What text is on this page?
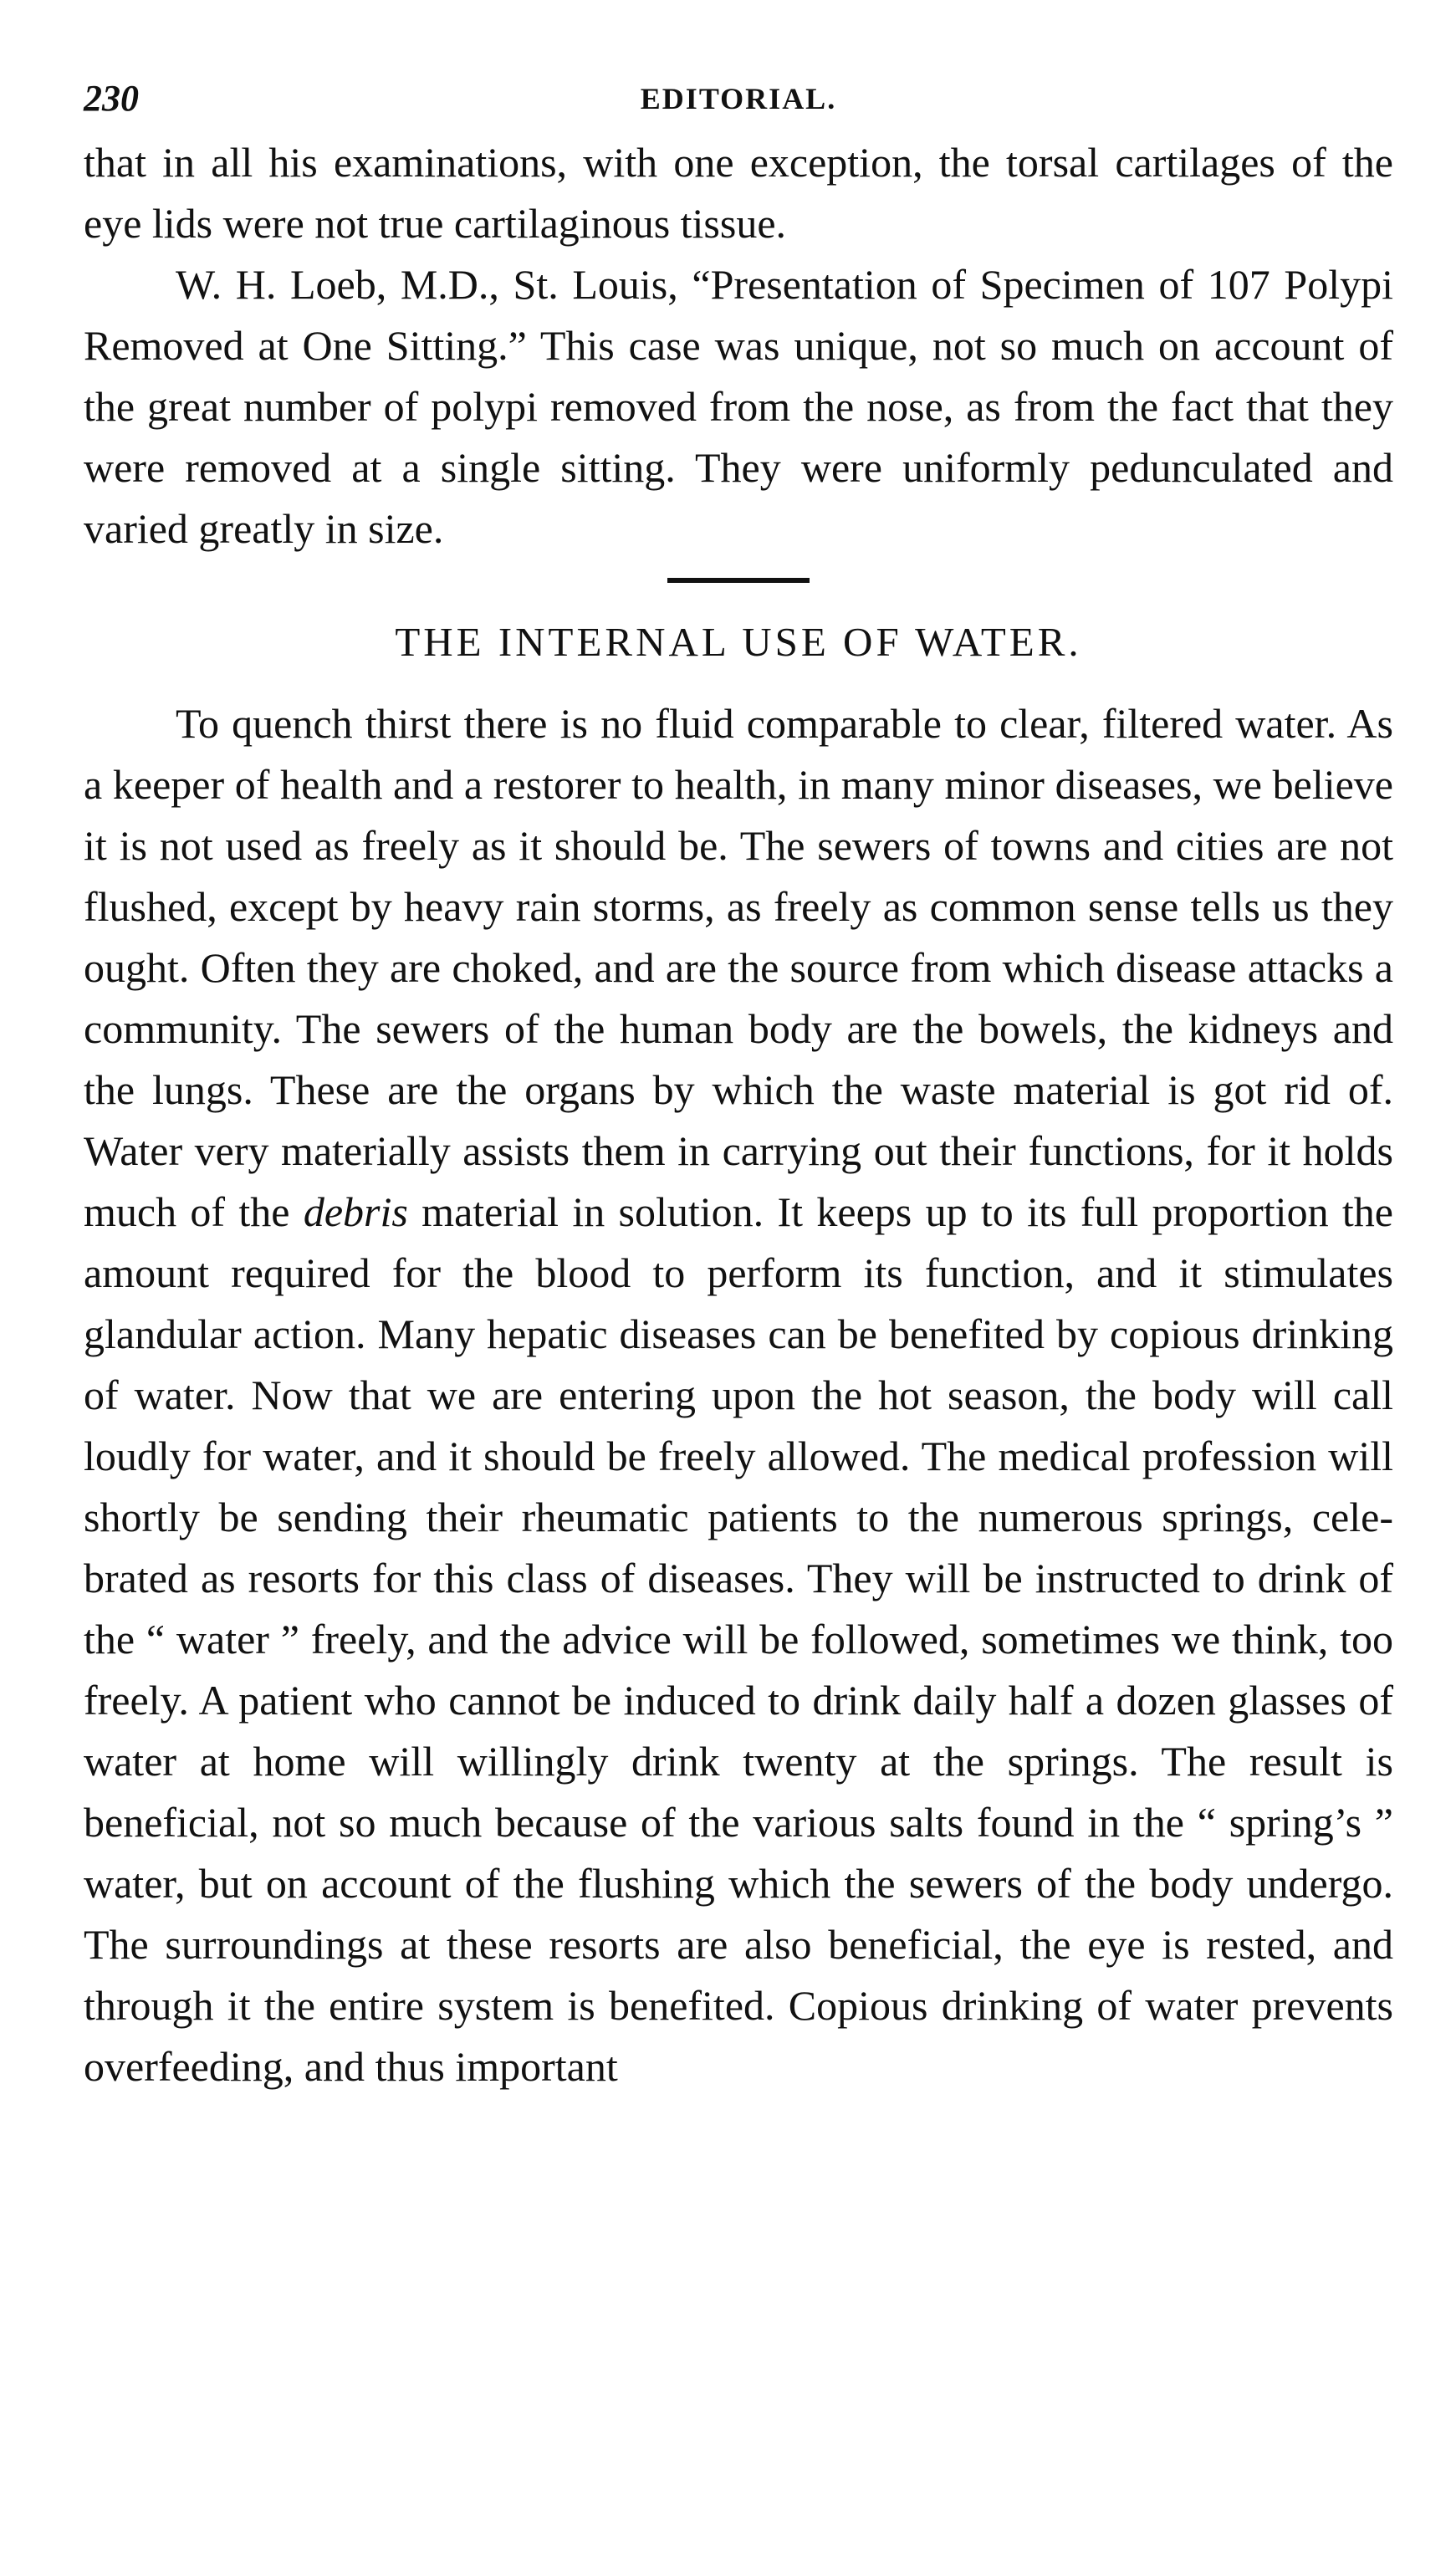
230	EDITORIAL.

that in all his examinations, with one exception, the torsal cartilages of the eye lids were not true cartilaginous tissue.

W. H. Loeb, M.D., St. Louis, “Presentation of Specimen of 107 Polypi Removed at One Sitting.” This case was unique, not so much on account of the great number of polypi removed from the nose, as from the fact that they were removed at a single sitting. They were uniformly pedunculated and varied greatly in size.

THE INTERNAL USE OF WATER.

To quench thirst there is no fluid comparable to clear, filtered water. As a keeper of health and a restorer to health, in many minor diseases, we believe it is not used as freely as it should be. The sewers of towns and cities are not flushed, except by heavy rain storms, as freely as common sense tells us they ought. Often they are choked, and are the source from which disease attacks a community. The sewers of the human body are the bowels, the kidneys and the lungs. These are the organs by which the waste material is got rid of. Water very materially assists them in carrying out their functions, for it holds much of the debris material in solution. It keeps up to its full proportion the amount required for the blood to perform its function, and it stimulates glandular action. Many hepatic diseases can be benefited by copious drinking of water. Now that we are entering upon the hot season, the body will call loudly for water, and it should be freely allowed. The medical profession will shortly be sending their rheumatic patients to the numerous springs, celebrated as resorts for this class of diseases. They will be instructed to drink of the “ water ” freely, and the advice will be followed, sometimes we think, too freely. A patient who cannot be induced to drink daily half a dozen glasses of water at home will willingly drink twenty at the springs. The result is beneficial, not so much because of the various salts found in the “ spring’s ” water, but on account of the flushing which the sewers of the body undergo. The surroundings at these resorts are also beneficial, the eye is rested, and through it the entire system is benefited. Copious drinking of water prevents overfeeding, and thus important
